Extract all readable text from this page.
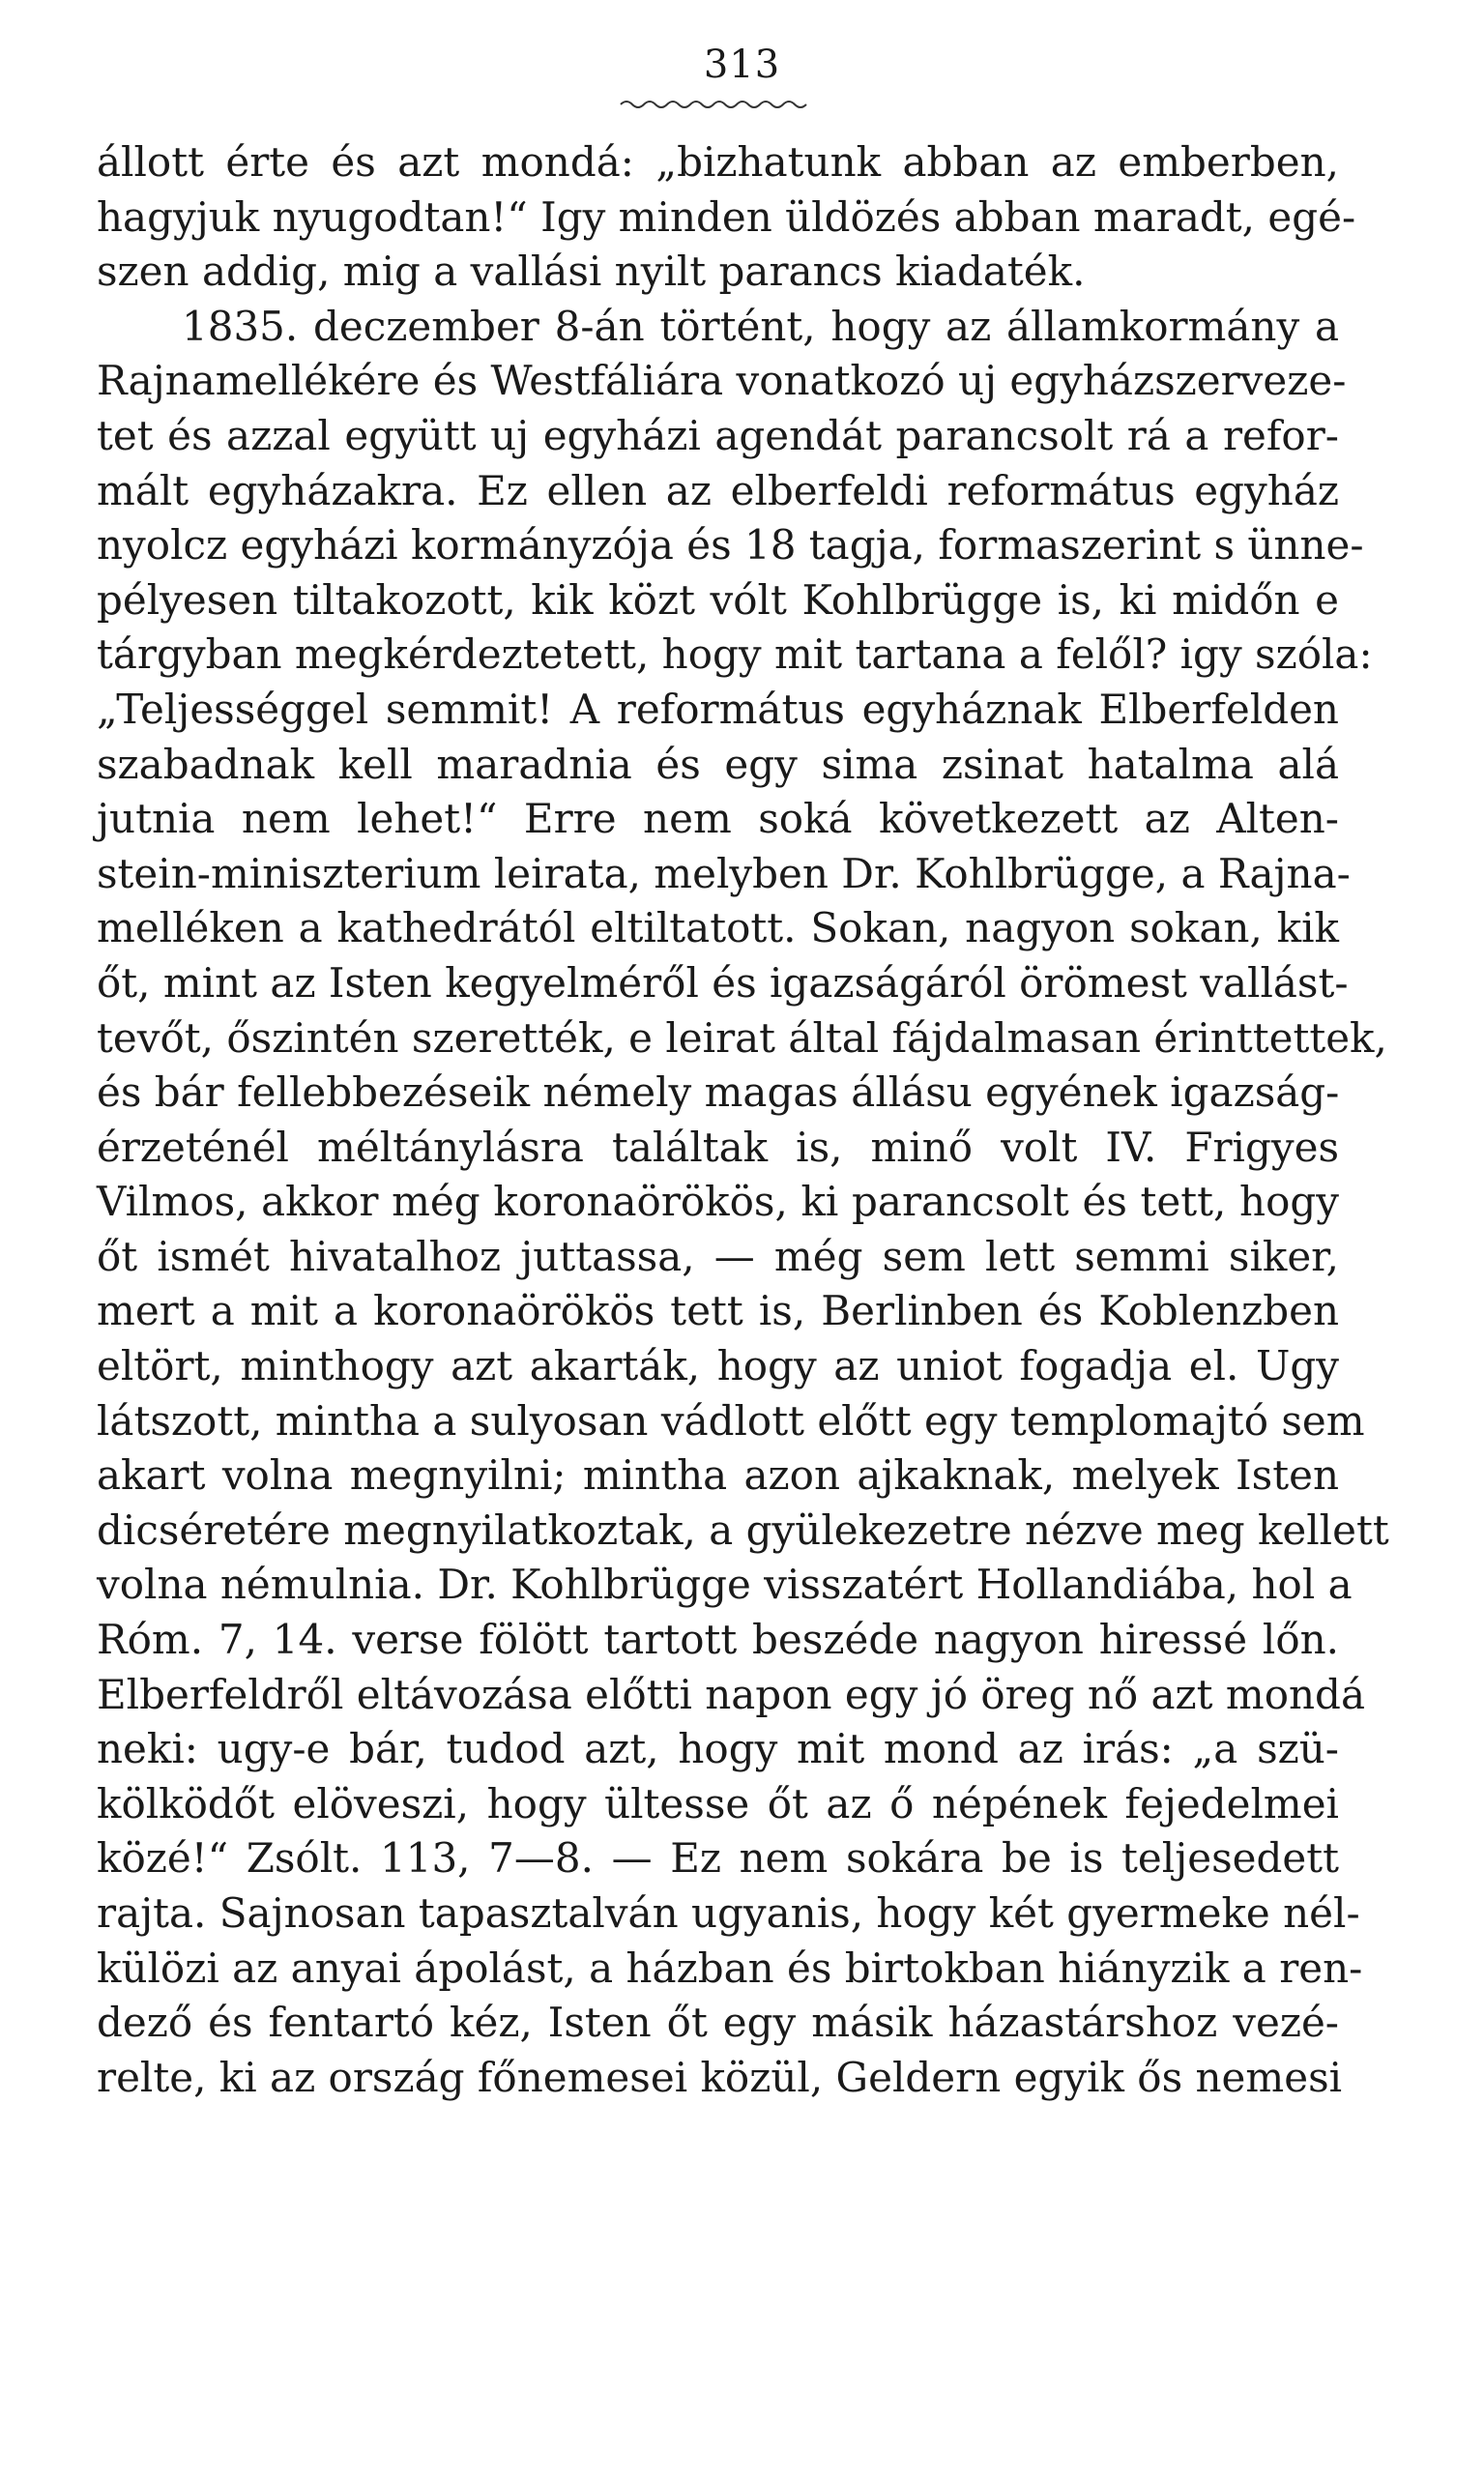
313
állott érte és azt mondá: „bizhatunk abban az emberben,
hagyjuk nyugodtan!“ Igy minden üldözés abban maradt, egé-
szen addig, mig a vallási nyilt parancs kiadaték.
1835. deczember 8-án történt, hogy az államkormány a
Rajnamellékére és Westfáliára vonatkozó uj egyházszerveze-
tet és azzal együtt uj egyházi agendát parancsolt rá a refor-
mált egyházakra. Ez ellen az elberfeldi református egyház
nyolcz egyházi kormányzója és 18 tagja, formaszerint s ünne-
pélyesen tiltakozott, kik közt vólt Kohlbrügge is, ki midőn e
tárgyban megkérdeztetett, hogy mit tartana a felől? igy szóla:
„Teljességgel semmit! A református egyháznak Elberfelden
szabadnak kell maradnia és egy sima zsinat hatalma alá
jutnia nem lehet!“ Erre nem soká következett az Alten-
stein-miniszterium leirata, melyben Dr. Kohlbrügge, a Rajna-
melléken a kathedrától eltiltatott. Sokan, nagyon sokan, kik
őt, mint az Isten kegyelméről és igazságáról örömest vallást-
tevőt, őszintén szerették, e leirat által fájdalmasan érinttettek,
és bár fellebbezéseik némely magas állásu egyének igazság-
érzeténél méltánylásra találtak is, minő volt IV. Frigyes
Vilmos, akkor még koronaörökös, ki parancsolt és tett, hogy
őt ismét hivatalhoz juttassa, — még sem lett semmi siker,
mert a mit a koronaörökös tett is, Berlinben és Koblenzben
eltört, minthogy azt akarták, hogy az uniot fogadja el. Ugy
látszott, mintha a sulyosan vádlott előtt egy templomajtó sem
akart volna megnyilni; mintha azon ajkaknak, melyek Isten
dicséretére megnyilatkoztak, a gyülekezetre nézve meg kellett
volna némulnia. Dr. Kohlbrügge visszatért Hollandiába, hol a
Róm. 7, 14. verse fölött tartott beszéde nagyon hiressé lőn.
Elberfeldről eltávozása előtti napon egy jó öreg nő azt mondá
neki: ugy-e bár, tudod azt, hogy mit mond az irás: „a szü-
kölködőt elöveszi, hogy ültesse őt az ő népének fejedelmei
közé!“ Zsólt. 113, 7—8. — Ez nem sokára be is teljesedett
rajta. Sajnosan tapasztalván ugyanis, hogy két gyermeke nél-
külözi az anyai ápolást, a házban és birtokban hiányzik a ren-
dező és fentartó kéz, Isten őt egy másik házastárshoz vezé-
relte, ki az ország főnemesei közül, Geldern egyik ős nemesi
